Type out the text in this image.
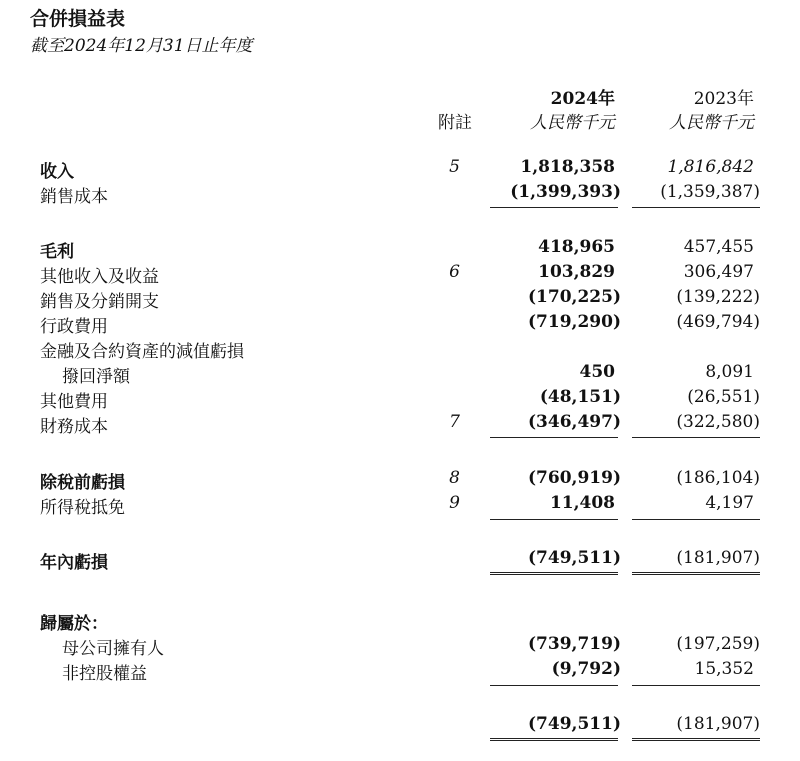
合併損益表
截至2024年12月31日止年度
2024年	2023年
附註	人民幣千元	人民幣千元
收入	5	1,818,358	1,816,842
銷售成本	(1,399,393) (1,359,387)
毛利	418,965	457,455
其他收入及收益	6	103,829	306,497
銷售及分銷開支	(170,225)	(139,222)
行政費用	(719,290)	(469,794)
金融及合約資產的減值虧損
撥回淨額	450	8,091
其他費用	(48,151)	(26,551)
財務成本	7	(346,497)	(322,580)
除稅前虧損	8	(760,919)	(186,104)
所得稅抵免	9	11,408	4,197
年內虧損	(749,511)	(181,907)
歸屬於：
母公司擁有人	(739,719)	(197,259)
非控股權益	(9,792)	15,352
(749,511)	(181,907)
